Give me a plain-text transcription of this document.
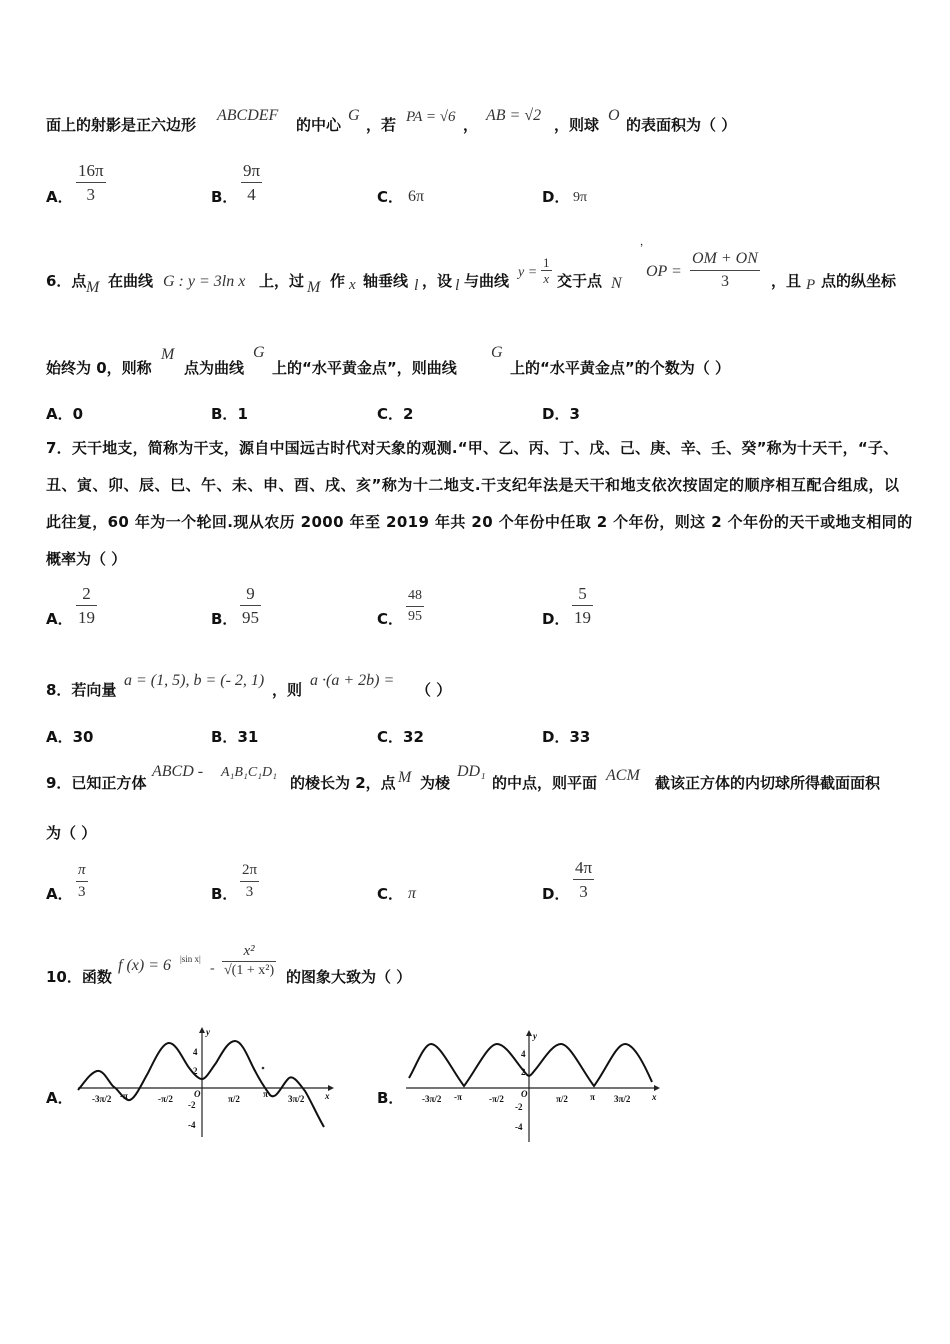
面上的射影是正六边形
ABCDEF
的中心
G
，若 PA = √6 ，
AB = √2
，则球
O
的表面积为（ ）
A．
16π
3	B．
9π
4	C． 6π	D． 9π
6．点 M 在曲线 G : y = 3ln x 上，过 M 作 x 轴垂线 l ，设 l 与曲线 y =
1
x 交于点 N
，
OP =
OM + ON
3	，且 P 点的纵坐标
始终为 0，则称
M
点为曲线
G
上的“水平黄金点”，则曲线
G
上的“水平黄金点”的个数为（ ）
A．0	B．1	C．2	D．3
7．天干地支，简称为干支，源自中国远古时代对天象的观测.“甲、乙、丙、丁、戊、己、庚、辛、壬、癸”称为十天干，“子、
丑、寅、卯、辰、巳、午、未、申、酉、戌、亥”称为十二地支.干支纪年法是天干和地支依次按固定的顺序相互配合组成，以
此往复，60 年为一个轮回.现从农历 2000 年至 2019 年共 20 个年份中任取 2 个年份，则这 2 个年份的天干或地支相同的
概率为（ ）
A．
2
19	B．
9
95	C．
48
95	D．
5
19
8．若向量
a = (1, 5), b = (- 2, 1)
，则
a ·(a + 2b) =
（ ）
A．30	B．31	C．32	D．33
9．已知正方体
ABCD - A₁B₁C₁D₁
的棱长为 2，点 M 为棱
DD₁
的中点，则平面 ACM 截该正方体的内切球所得截面面积
为（ ）
A．
π
3	B．
2π
3	C． π	D．
4π
3
10．函数
f (x) = 6 |sin x|
-
x²
√(1 + x²) 的图象大致为（ ）
A．	B．
y
x
O
4
2
-2
-4
-3π/2 -π	-π/2	π/2	π 3π/2
y
x
O
4
2
-2
-4
-3π/2 -π	-π/2	π/2 π 3π/2
